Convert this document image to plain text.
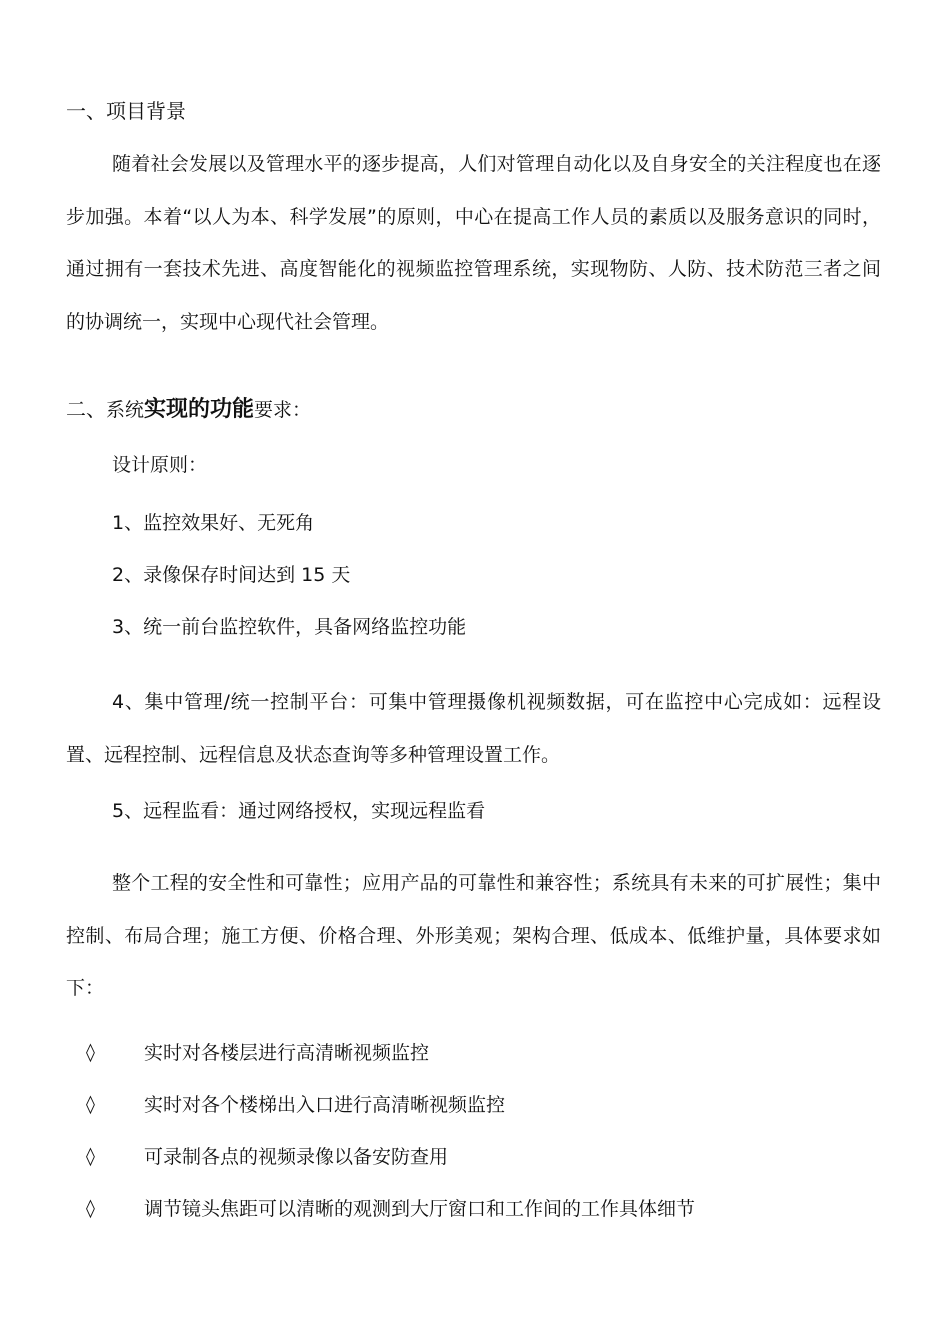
一、项目背景

随着社会发展以及管理水平的逐步提高，人们对管理自动化以及自身安全的关注程度也在逐步加强。本着“以人为本、科学发展”的原则，中心在提高工作人员的素质以及服务意识的同时，通过拥有一套技术先进、高度智能化的视频监控管理系统，实现物防、人防、技术防范三者之间的协调统一，实现中心现代社会管理。

二、系统实现的功能要求：
设计原则：
1、监控效果好、无死角
2、录像保存时间达到 15 天
3、统一前台监控软件，具备网络监控功能

4、集中管理/统一控制平台：可集中管理摄像机视频数据，可在监控中心完成如：远程设置、远程控制、远程信息及状态查询等多种管理设置工作。

5、远程监看：通过网络授权，实现远程监看

整个工程的安全性和可靠性；应用产品的可靠性和兼容性；系统具有未来的可扩展性；集中控制、布局合理；施工方便、价格合理、外形美观；架构合理、低成本、低维护量，具体要求如下：

◊	实时对各楼层进行高清晰视频监控
◊	实时对各个楼梯出入口进行高清晰视频监控
◊	可录制各点的视频录像以备安防查用
◊	调节镜头焦距可以清晰的观测到大厅窗口和工作间的工作具体细节
